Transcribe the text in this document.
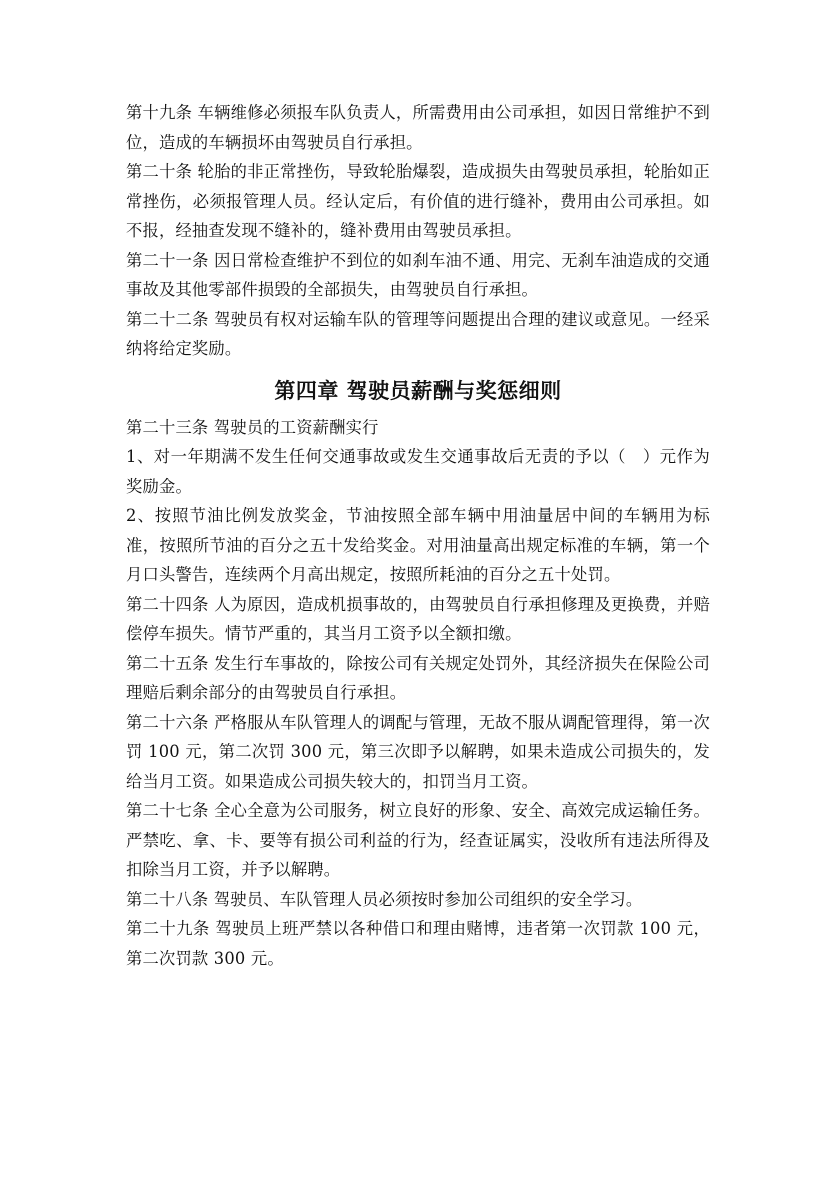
第十九条 车辆维修必须报车队负责人，所需费用由公司承担，如因日常维护不到位，造成的车辆损坏由驾驶员自行承担。

第二十条 轮胎的非正常挫伤，导致轮胎爆裂，造成损失由驾驶员承担，轮胎如正常挫伤，必须报管理人员。经认定后，有价值的进行缝补，费用由公司承担。如不报，经抽查发现不缝补的，缝补费用由驾驶员承担。

第二十一条 因日常检查维护不到位的如刹车油不通、用完、无刹车油造成的交通事故及其他零部件损毁的全部损失，由驾驶员自行承担。

第二十二条 驾驶员有权对运输车队的管理等问题提出合理的建议或意见。一经采纳将给定奖励。

第四章 驾驶员薪酬与奖惩细则

第二十三条 驾驶员的工资薪酬实行

1、对一年期满不发生任何交通事故或发生交通事故后无责的予以（　）元作为奖励金。

2、按照节油比例发放奖金，节油按照全部车辆中用油量居中间的车辆用为标准，按照所节油的百分之五十发给奖金。对用油量高出规定标准的车辆，第一个月口头警告，连续两个月高出规定，按照所耗油的百分之五十处罚。

第二十四条 人为原因，造成机损事故的，由驾驶员自行承担修理及更换费，并赔偿停车损失。情节严重的，其当月工资予以全额扣缴。

第二十五条 发生行车事故的，除按公司有关规定处罚外，其经济损失在保险公司理赔后剩余部分的由驾驶员自行承担。

第二十六条 严格服从车队管理人的调配与管理，无故不服从调配管理得，第一次罚 100 元，第二次罚 300 元，第三次即予以解聘，如果未造成公司损失的，发给当月工资。如果造成公司损失较大的，扣罚当月工资。

第二十七条 全心全意为公司服务，树立良好的形象、安全、高效完成运输任务。严禁吃、拿、卡、要等有损公司利益的行为，经查证属实，没收所有违法所得及扣除当月工资，并予以解聘。

第二十八条 驾驶员、车队管理人员必须按时参加公司组织的安全学习。

第二十九条 驾驶员上班严禁以各种借口和理由赌博，违者第一次罚款 100 元，第二次罚款 300 元。
